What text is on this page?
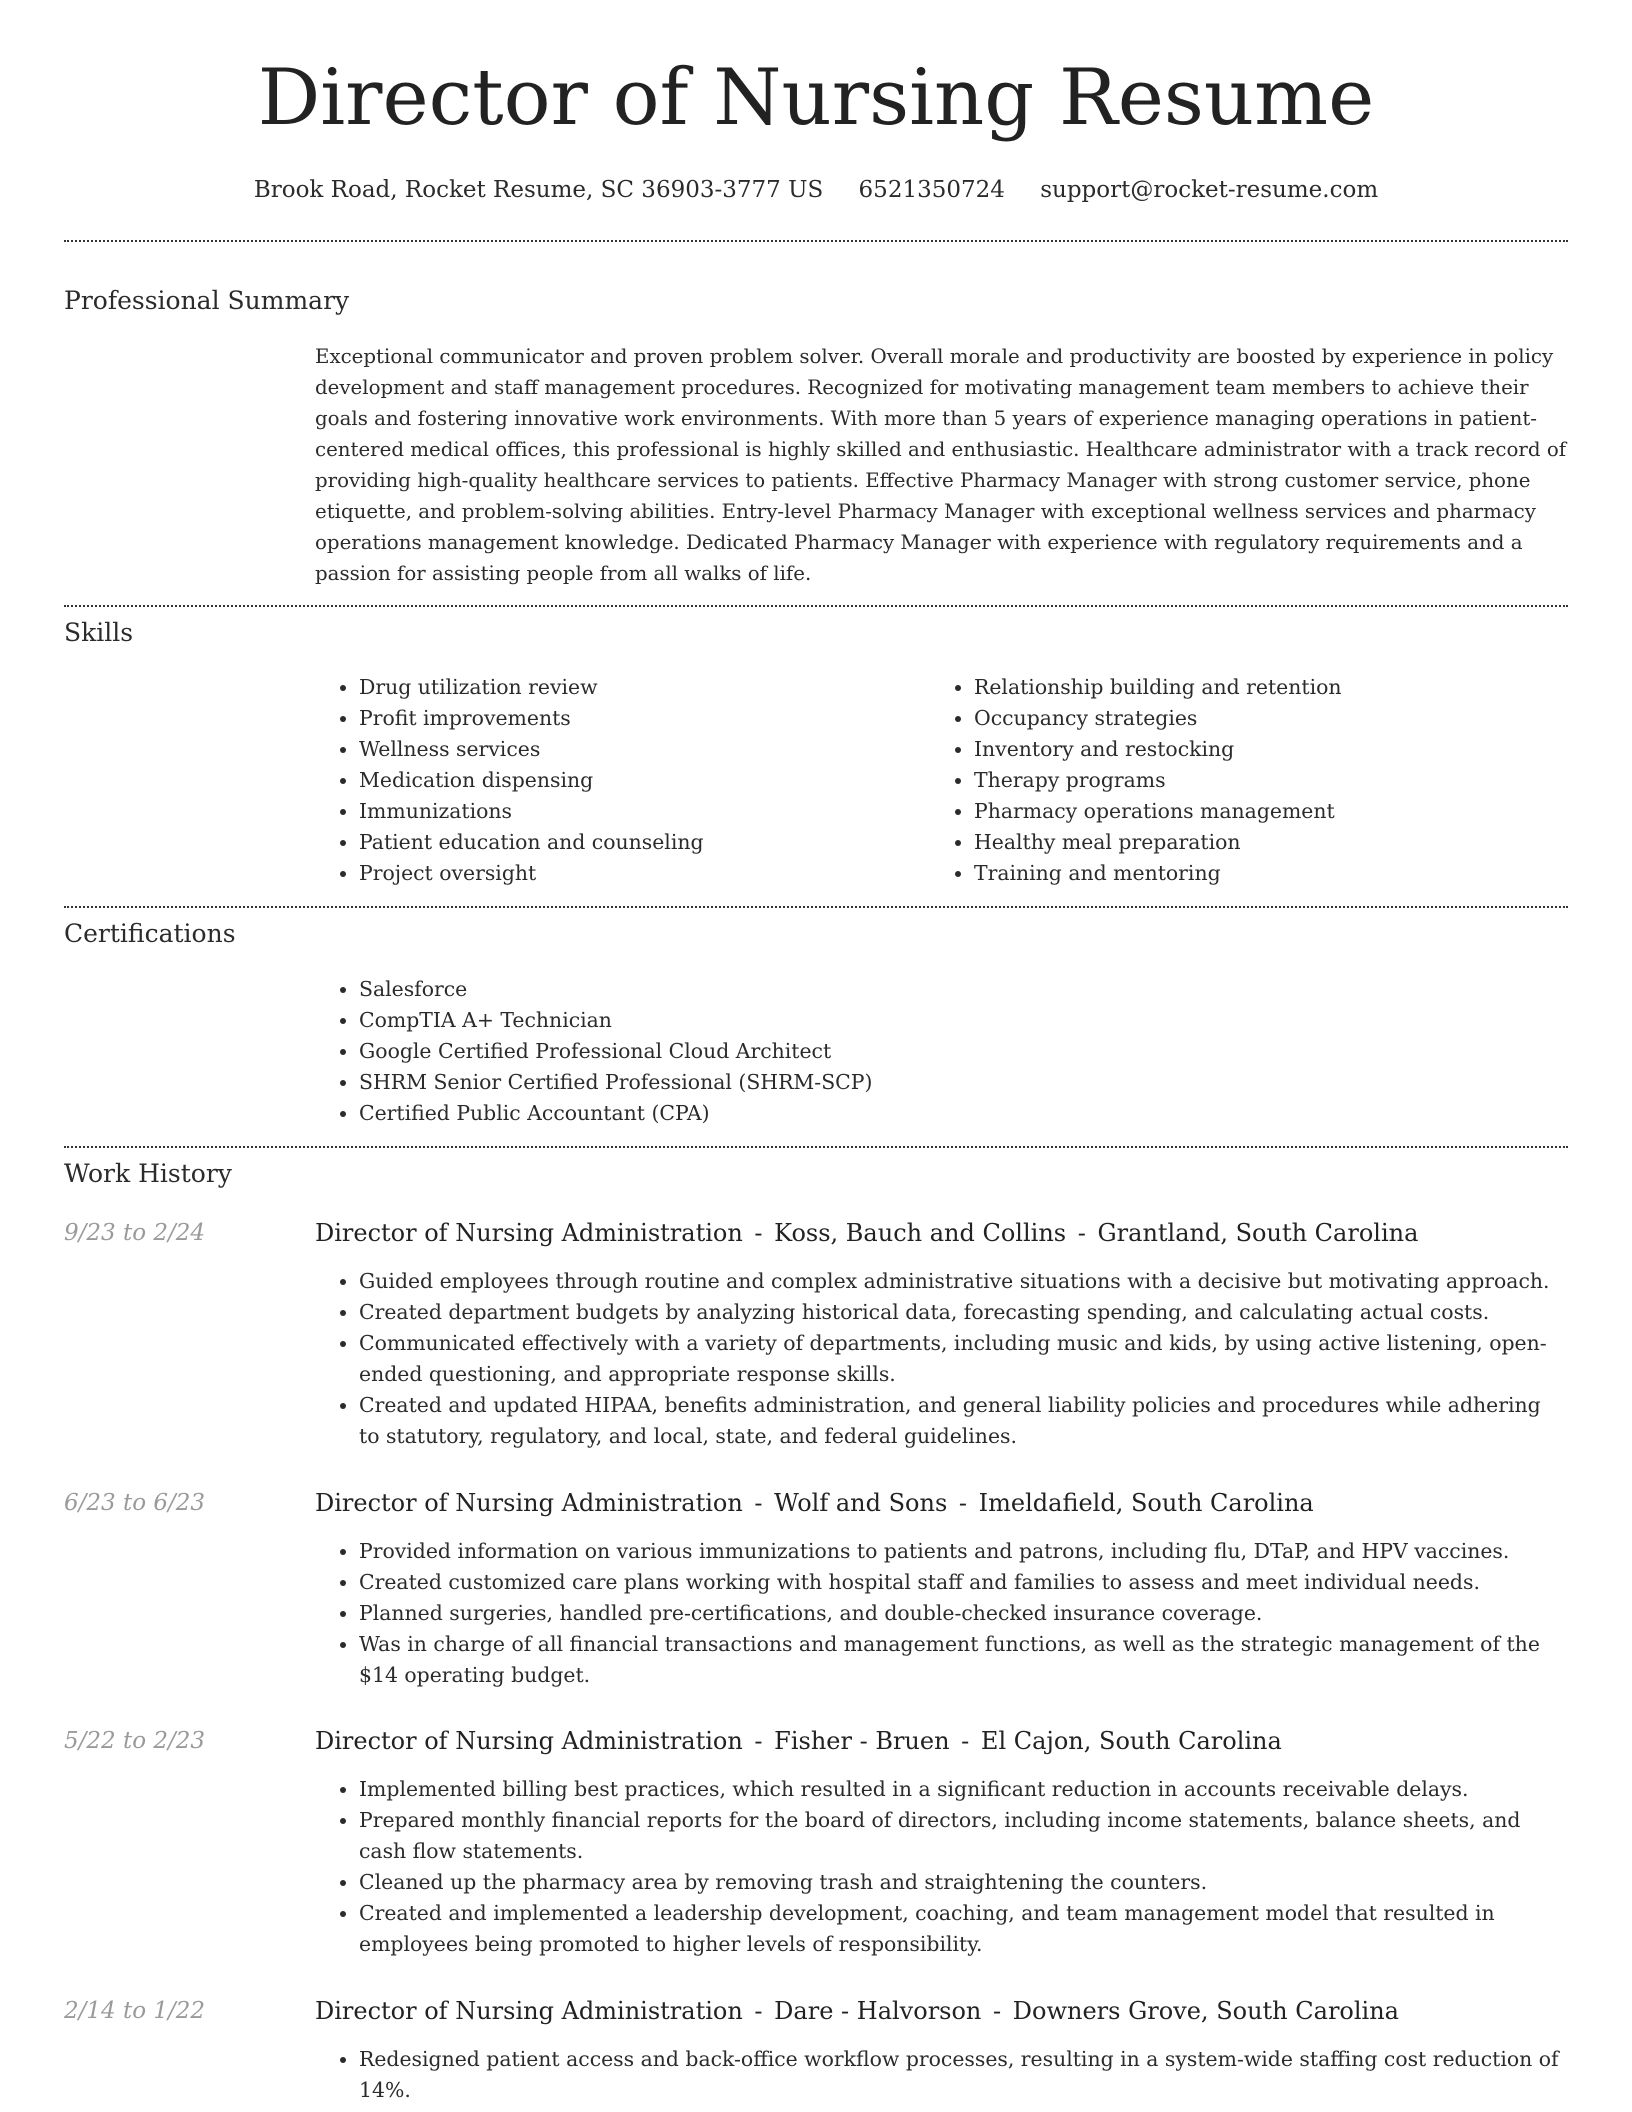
Director of Nursing Resume
Brook Road, Rocket Resume, SC 36903-3777 US 6521350724 support@rocket-resume.com
Professional Summary

Exceptional communicator and proven problem solver. Overall morale and productivity are boosted by experience in policy development and staff management procedures. Recognized for motivating management team members to achieve their goals and fostering innovative work environments. With more than 5 years of experience managing operations in patient-centered medical offices, this professional is highly skilled and enthusiastic. Healthcare administrator with a track record of providing high-quality healthcare services to patients. Effective Pharmacy Manager with strong customer service, phone etiquette, and problem-solving abilities. Entry-level Pharmacy Manager with exceptional wellness services and pharmacy operations management knowledge. Dedicated Pharmacy Manager with experience with regulatory requirements and a passion for assisting people from all walks of life.

Skills
• Drug utilization review
• Profit improvements
• Wellness services
• Medication dispensing
• Immunizations
• Patient education and counseling
• Project oversight
• Relationship building and retention
• Occupancy strategies
• Inventory and restocking
• Therapy programs
• Pharmacy operations management
• Healthy meal preparation
• Training and mentoring
Certifications
• Salesforce
• CompTIA A+ Technician
• Google Certified Professional Cloud Architect
• SHRM Senior Certified Professional (SHRM-SCP)
• Certified Public Accountant (CPA)
Work History
9/23 to 2/24	Director of Nursing Administration - Koss, Bauch and Collins - Grantland, South Carolina
• Guided employees through routine and complex administrative situations with a decisive but motivating approach.
• Created department budgets by analyzing historical data, forecasting spending, and calculating actual costs.
• Communicated effectively with a variety of departments, including music and kids, by using active listening, open-ended questioning, and appropriate response skills.
• Created and updated HIPAA, benefits administration, and general liability policies and procedures while adhering to statutory, regulatory, and local, state, and federal guidelines.
6/23 to 6/23	Director of Nursing Administration - Wolf and Sons - Imeldafield, South Carolina
• Provided information on various immunizations to patients and patrons, including flu, DTaP, and HPV vaccines.
• Created customized care plans working with hospital staff and families to assess and meet individual needs.
• Planned surgeries, handled pre-certifications, and double-checked insurance coverage.
• Was in charge of all financial transactions and management functions, as well as the strategic management of the $14 operating budget.
5/22 to 2/23	Director of Nursing Administration - Fisher - Bruen - El Cajon, South Carolina
• Implemented billing best practices, which resulted in a significant reduction in accounts receivable delays.
• Prepared monthly financial reports for the board of directors, including income statements, balance sheets, and cash flow statements.
• Cleaned up the pharmacy area by removing trash and straightening the counters.
• Created and implemented a leadership development, coaching, and team management model that resulted in employees being promoted to higher levels of responsibility.
2/14 to 1/22	Director of Nursing Administration - Dare - Halvorson - Downers Grove, South Carolina
• Redesigned patient access and back-office workflow processes, resulting in a system-wide staffing cost reduction of 14%.
